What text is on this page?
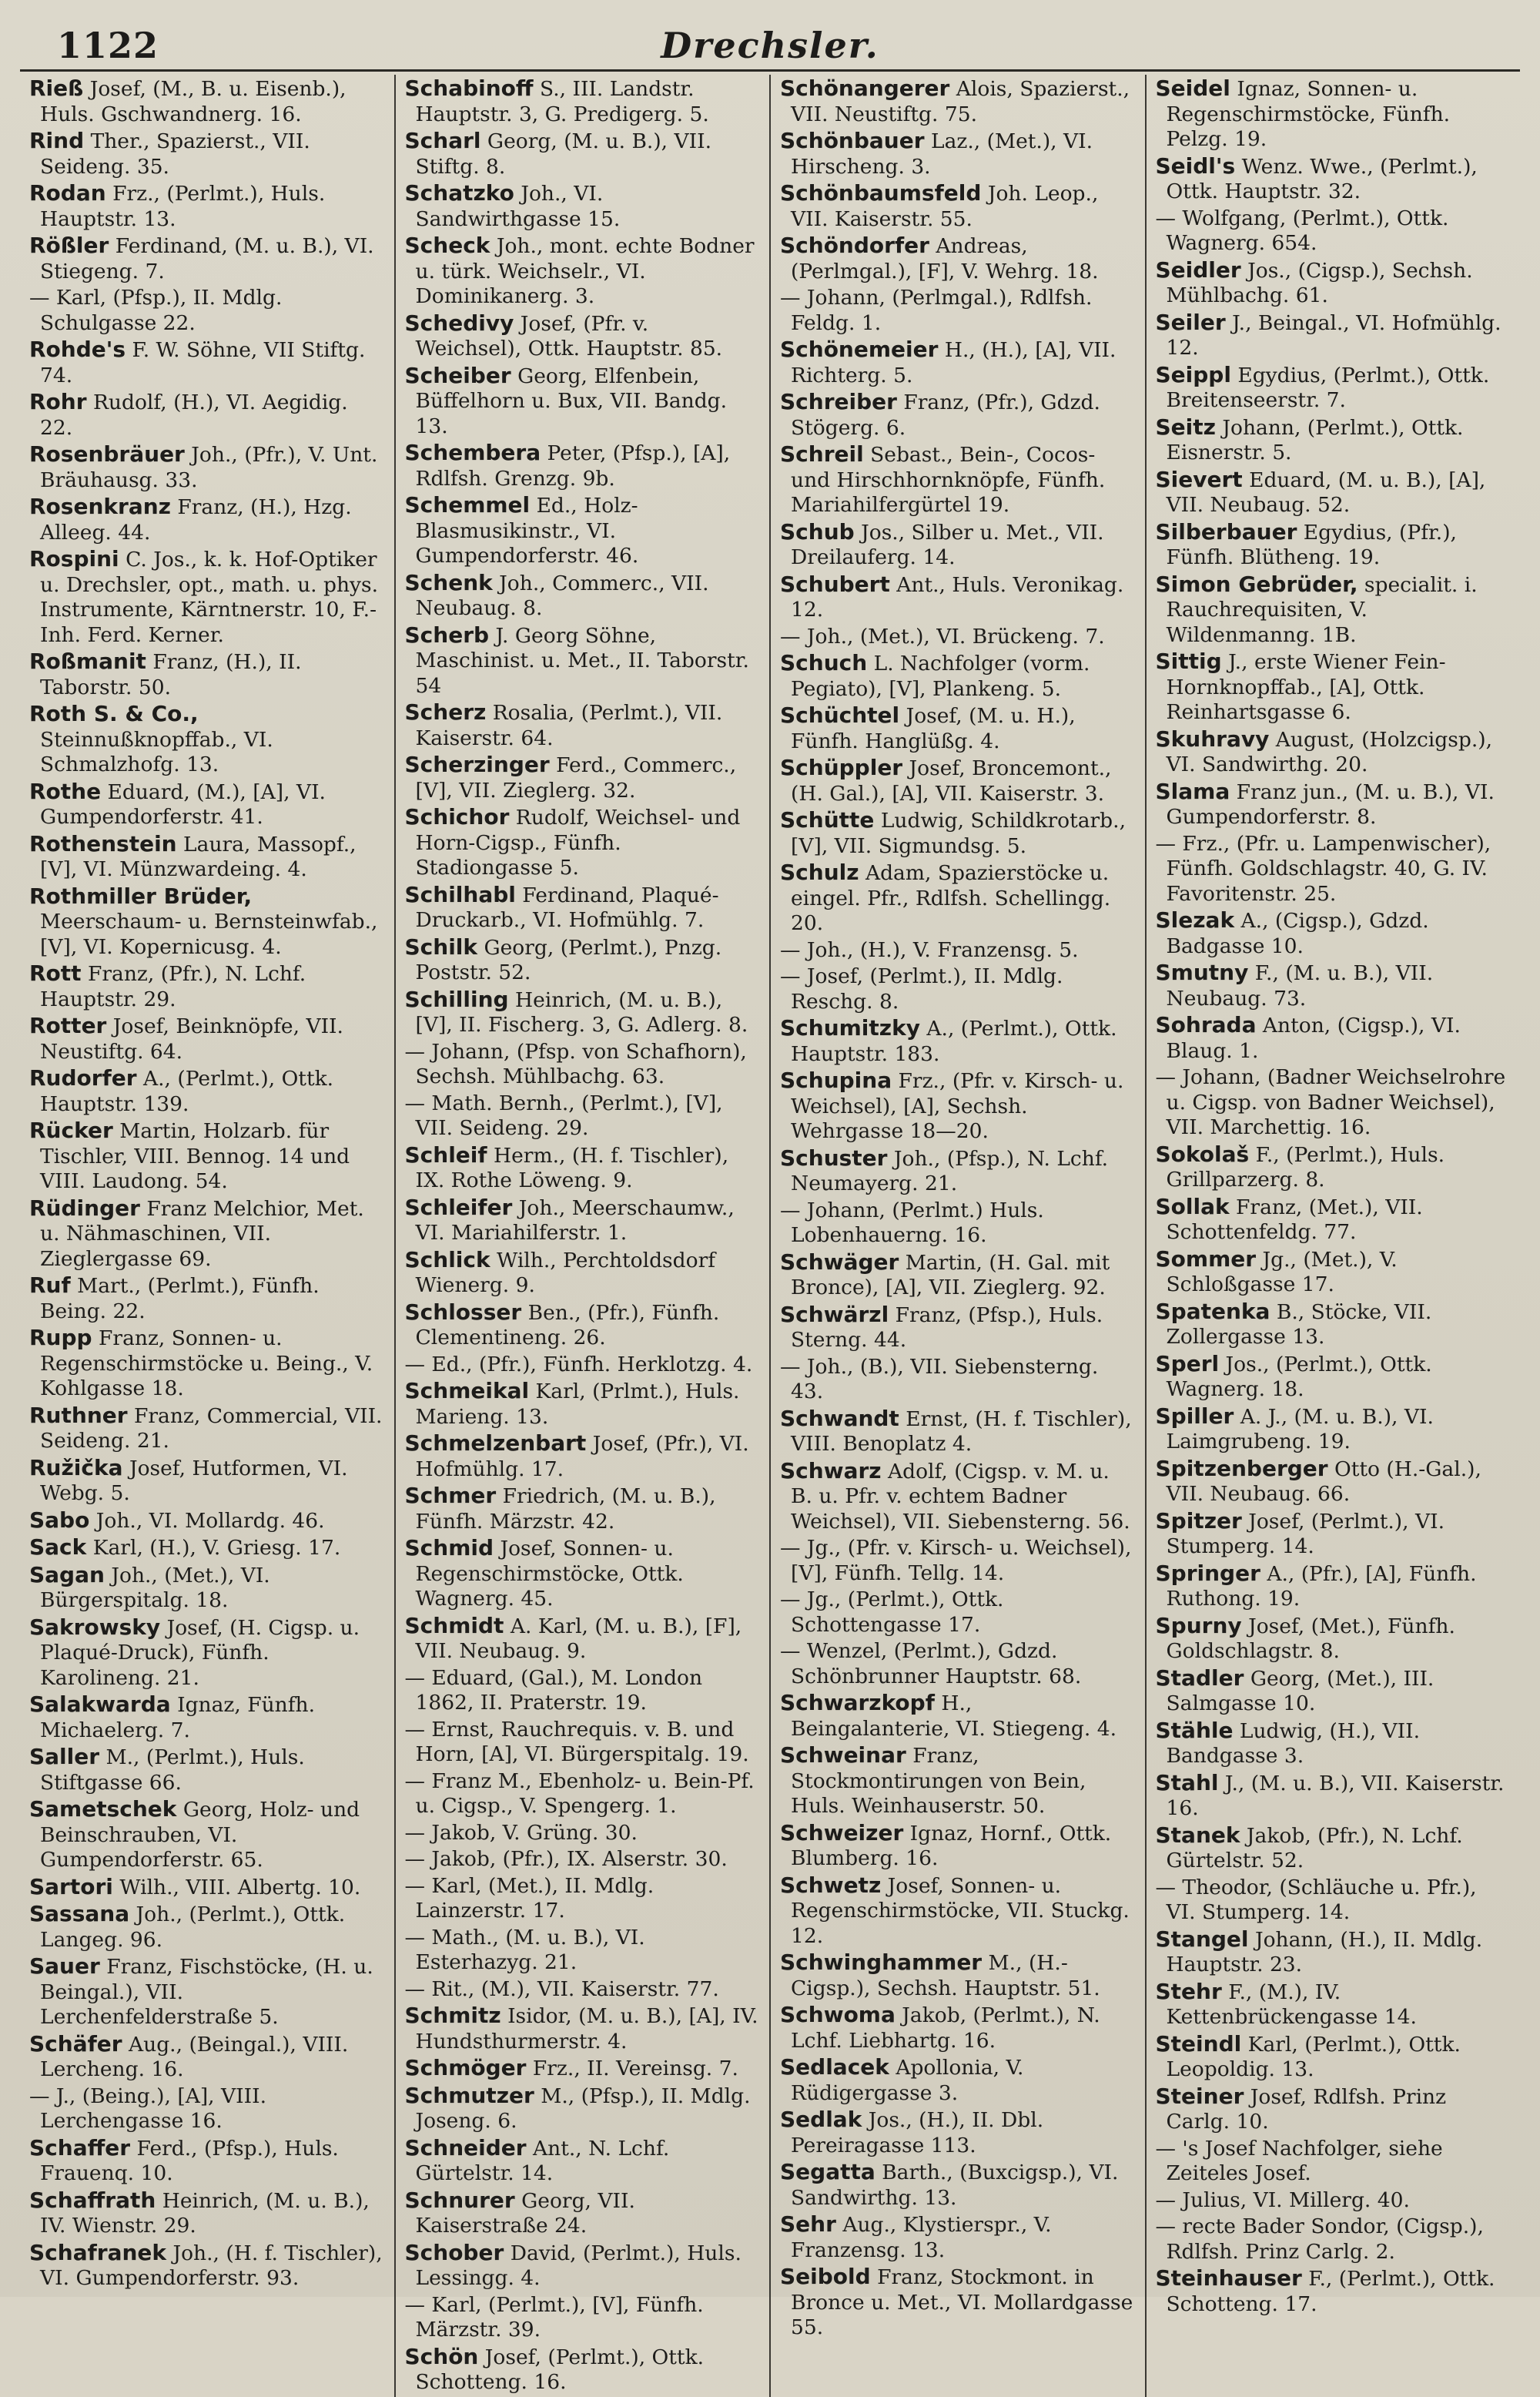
1122	Drechsler.

Rieß Josef, (M., B. u. Eisenb.), Huls. Gschwandnerg. 16.

Rind Ther., Spazierst., VII. Seideng. 35.

Rodan Frz., (Perlmt.), Huls. Hauptstr. 13.

Rößler Ferdinand, (M. u. B.), VI. Stiegeng. 7.

— Karl, (Pfsp.), II. Mdlg. Schulgasse 22.

Rohde's F. W. Söhne, VII Stiftg. 74.

Rohr Rudolf, (H.), VI. Aegidig. 22.

Rosenbräuer Joh., (Pfr.), V. Unt. Bräuhausg. 33.

Rosenkranz Franz, (H.), Hzg. Alleeg. 44.

Rospini C. Jos., k. k. Hof-Optiker u. Drechsler, opt., math. u. phys. Instrumente, Kärntnerstr. 10, F.-Inh. Ferd. Kerner.

Roßmanit Franz, (H.), II. Taborstr. 50.

Roth S. & Co., Steinnußknopffab., VI. Schmalzhofg. 13.

Rothe Eduard, (M.), [A], VI. Gumpendorferstr. 41.

Rothenstein Laura, Massopf., [V], VI. Münzwardeing. 4.

Rothmiller Brüder, Meerschaum- u. Bernsteinwfab., [V], VI. Kopernicusg. 4.

Rott Franz, (Pfr.), N. Lchf. Hauptstr. 29.

Rotter Josef, Beinknöpfe, VII. Neustiftg. 64.

Rudorfer A., (Perlmt.), Ottk. Hauptstr. 139.

Rücker Martin, Holzarb. für Tischler, VIII. Bennog. 14 und VIII. Laudong. 54.

Rüdinger Franz Melchior, Met. u. Nähmaschinen, VII. Zieglergasse 69.

Ruf Mart., (Perlmt.), Fünfh. Being. 22.

Rupp Franz, Sonnen- u. Regenschirmstöcke u. Being., V. Kohlgasse 18.

Ruthner Franz, Commercial, VII. Seideng. 21.

Ružička Josef, Hutformen, VI. Webg. 5.

Sabo Joh., VI. Mollardg. 46.

Sack Karl, (H.), V. Griesg. 17.

Sagan Joh., (Met.), VI. Bürgerspitalg. 18.

Sakrowsky Josef, (H. Cigsp. u. Plaqué-Druck), Fünfh. Karolineng. 21.

Salakwarda Ignaz, Fünfh. Michaelerg. 7.

Saller M., (Perlmt.), Huls. Stiftgasse 66.

Sametschek Georg, Holz- und Beinschrauben, VI. Gumpendorferstr. 65.

Sartori Wilh., VIII. Albertg. 10.

Sassana Joh., (Perlmt.), Ottk. Langeg. 96.

Sauer Franz, Fischstöcke, (H. u. Beingal.), VII. Lerchenfelderstraße 5.

Schäfer Aug., (Beingal.), VIII. Lercheng. 16.

— J., (Being.), [A], VIII. Lerchengasse 16.

Schaffer Ferd., (Pfsp.), Huls. Frauenq. 10.

Schaffrath Heinrich, (M. u. B.), IV. Wienstr. 29.

Schafranek Joh., (H. f. Tischler), VI. Gumpendorferstr. 93.

Schabinoff S., III. Landstr. Hauptstr. 3, G. Predigerg. 5.

Scharl Georg, (M. u. B.), VII. Stiftg. 8.

Schatzko Joh., VI. Sandwirthgasse 15.

Scheck Joh., mont. echte Bodner u. türk. Weichselr., VI. Dominikanerg. 3.

Schedivy Josef, (Pfr. v. Weichsel), Ottk. Hauptstr. 85.

Scheiber Georg, Elfenbein, Büffelhorn u. Bux, VII. Bandg. 13.

Schembera Peter, (Pfsp.), [A], Rdlfsh. Grenzg. 9b.

Schemmel Ed., Holz-Blasmusikinstr., VI. Gumpendorferstr. 46.

Schenk Joh., Commerc., VII. Neubaug. 8.

Scherb J. Georg Söhne, Maschinist. u. Met., II. Taborstr. 54

Scherz Rosalia, (Perlmt.), VII. Kaiserstr. 64.

Scherzinger Ferd., Commerc., [V], VII. Zieglerg. 32.

Schichor Rudolf, Weichsel- und Horn-Cigsp., Fünfh. Stadiongasse 5.

Schilhabl Ferdinand, Plaqué-Druckarb., VI. Hofmühlg. 7.

Schilk Georg, (Perlmt.), Pnzg. Poststr. 52.

Schilling Heinrich, (M. u. B.), [V], II. Fischerg. 3, G. Adlerg. 8.

— Johann, (Pfsp. von Schafhorn), Sechsh. Mühlbachg. 63.

— Math. Bernh., (Perlmt.), [V], VII. Seideng. 29.

Schleif Herm., (H. f. Tischler), IX. Rothe Löweng. 9.

Schleifer Joh., Meerschaumw., VI. Mariahilferstr. 1.

Schlick Wilh., Perchtoldsdorf Wienerg. 9.

Schlosser Ben., (Pfr.), Fünfh. Clementineng. 26.

— Ed., (Pfr.), Fünfh. Herklotzg. 4.

Schmeikal Karl, (Prlmt.), Huls. Marieng. 13.

Schmelzenbart Josef, (Pfr.), VI. Hofmühlg. 17.

Schmer Friedrich, (M. u. B.), Fünfh. Märzstr. 42.

Schmid Josef, Sonnen- u. Regenschirmstöcke, Ottk. Wagnerg. 45.

Schmidt A. Karl, (M. u. B.), [F], VII. Neubaug. 9.

— Eduard, (Gal.), M. London 1862, II. Praterstr. 19.

— Ernst, Rauchrequis. v. B. und Horn, [A], VI. Bürgerspitalg. 19.

— Franz M., Ebenholz- u. Bein-Pf. u. Cigsp., V. Spengerg. 1.

— Jakob, V. Grüng. 30.

— Jakob, (Pfr.), IX. Alserstr. 30.

— Karl, (Met.), II. Mdlg. Lainzerstr. 17.

— Math., (M. u. B.), VI. Esterhazyg. 21.

— Rit., (M.), VII. Kaiserstr. 77.

Schmitz Isidor, (M. u. B.), [A], IV. Hundsthurmerstr. 4.

Schmöger Frz., II. Vereinsg. 7.

Schmutzer M., (Pfsp.), II. Mdlg. Joseng. 6.

Schneider Ant., N. Lchf. Gürtelstr. 14.

Schnurer Georg, VII. Kaiserstraße 24.

Schober David, (Perlmt.), Huls. Lessingg. 4.

— Karl, (Perlmt.), [V], Fünfh. Märzstr. 39.

Schön Josef, (Perlmt.), Ottk. Schotteng. 16.

Schönangerer Alois, Spazierst., VII. Neustiftg. 75.

Schönbauer Laz., (Met.), VI. Hirscheng. 3.

Schönbaumsfeld Joh. Leop., VII. Kaiserstr. 55.

Schöndorfer Andreas, (Perlmgal.), [F], V. Wehrg. 18.

— Johann, (Perlmgal.), Rdlfsh. Feldg. 1.

Schönemeier H., (H.), [A], VII. Richterg. 5.

Schreiber Franz, (Pfr.), Gdzd. Stögerg. 6.

Schreil Sebast., Bein-, Cocos- und Hirschhornknöpfe, Fünfh. Mariahilfergürtel 19.

Schub Jos., Silber u. Met., VII. Dreilauferg. 14.

Schubert Ant., Huls. Veronikag. 12.

— Joh., (Met.), VI. Brückeng. 7.

Schuch L. Nachfolger (vorm. Pegiato), [V], Plankeng. 5.

Schüchtel Josef, (M. u. H.), Fünfh. Hanglüßg. 4.

Schüppler Josef, Broncemont., (H. Gal.), [A], VII. Kaiserstr. 3.

Schütte Ludwig, Schildkrotarb., [V], VII. Sigmundsg. 5.

Schulz Adam, Spazierstöcke u. eingel. Pfr., Rdlfsh. Schellingg. 20.

— Joh., (H.), V. Franzensg. 5.

— Josef, (Perlmt.), II. Mdlg. Reschg. 8.

Schumitzky A., (Perlmt.), Ottk. Hauptstr. 183.

Schupina Frz., (Pfr. v. Kirsch- u. Weichsel), [A], Sechsh. Wehrgasse 18—20.

Schuster Joh., (Pfsp.), N. Lchf. Neumayerg. 21.

— Johann, (Perlmt.) Huls. Lobenhauerng. 16.

Schwäger Martin, (H. Gal. mit Bronce), [A], VII. Zieglerg. 92.

Schwärzl Franz, (Pfsp.), Huls. Sterng. 44.

— Joh., (B.), VII. Siebensterng. 43.

Schwandt Ernst, (H. f. Tischler), VIII. Benoplatz 4.

Schwarz Adolf, (Cigsp. v. M. u. B. u. Pfr. v. echtem Badner Weichsel), VII. Siebensterng. 56.

— Jg., (Pfr. v. Kirsch- u. Weichsel), [V], Fünfh. Tellg. 14.

— Jg., (Perlmt.), Ottk. Schottengasse 17.

— Wenzel, (Perlmt.), Gdzd. Schönbrunner Hauptstr. 68.

Schwarzkopf H., Beingalanterie, VI. Stiegeng. 4.

Schweinar Franz, Stockmontirungen von Bein, Huls. Weinhauserstr. 50.

Schweizer Ignaz, Hornf., Ottk. Blumberg. 16.

Schwetz Josef, Sonnen- u. Regenschirmstöcke, VII. Stuckg. 12.

Schwinghammer M., (H.-Cigsp.), Sechsh. Hauptstr. 51.

Schwoma Jakob, (Perlmt.), N. Lchf. Liebhartg. 16.

Sedlacek Apollonia, V. Rüdigergasse 3.

Sedlak Jos., (H.), II. Dbl. Pereiragasse 113.

Segatta Barth., (Buxcigsp.), VI. Sandwirthg. 13.

Sehr Aug., Klystierspr., V. Franzensg. 13.

Seibold Franz, Stockmont. in Bronce u. Met., VI. Mollardgasse 55.

Seidel Ignaz, Sonnen- u. Regenschirmstöcke, Fünfh. Pelzg. 19.

Seidl's Wenz. Wwe., (Perlmt.), Ottk. Hauptstr. 32.

— Wolfgang, (Perlmt.), Ottk. Wagnerg. 654.

Seidler Jos., (Cigsp.), Sechsh. Mühlbachg. 61.

Seiler J., Beingal., VI. Hofmühlg. 12.

Seippl Egydius, (Perlmt.), Ottk. Breitenseerstr. 7.

Seitz Johann, (Perlmt.), Ottk. Eisnerstr. 5.

Sievert Eduard, (M. u. B.), [A], VII. Neubaug. 52.

Silberbauer Egydius, (Pfr.), Fünfh. Blütheng. 19.

Simon Gebrüder, specialit. i. Rauchrequisiten, V. Wildenmanng. 1B.

Sittig J., erste Wiener Fein-Hornknopffab., [A], Ottk. Reinhartsgasse 6.

Skuhravy August, (Holzcigsp.), VI. Sandwirthg. 20.

Slama Franz jun., (M. u. B.), VI. Gumpendorferstr. 8.

— Frz., (Pfr. u. Lampenwischer), Fünfh. Goldschlagstr. 40, G. IV. Favoritenstr. 25.

Slezak A., (Cigsp.), Gdzd. Badgasse 10.

Smutny F., (M. u. B.), VII. Neubaug. 73.

Sohrada Anton, (Cigsp.), VI. Blaug. 1.

— Johann, (Badner Weichselrohre u. Cigsp. von Badner Weichsel), VII. Marchettig. 16.

Sokolaš F., (Perlmt.), Huls. Grillparzerg. 8.

Sollak Franz, (Met.), VII. Schottenfeldg. 77.

Sommer Jg., (Met.), V. Schloßgasse 17.

Spatenka B., Stöcke, VII. Zollergasse 13.

Sperl Jos., (Perlmt.), Ottk. Wagnerg. 18.

Spiller A. J., (M. u. B.), VI. Laimgrubeng. 19.

Spitzenberger Otto (H.-Gal.), VII. Neubaug. 66.

Spitzer Josef, (Perlmt.), VI. Stumperg. 14.

Springer A., (Pfr.), [A], Fünfh. Ruthong. 19.

Spurny Josef, (Met.), Fünfh. Goldschlagstr. 8.

Stadler Georg, (Met.), III. Salmgasse 10.

Stähle Ludwig, (H.), VII. Bandgasse 3.

Stahl J., (M. u. B.), VII. Kaiserstr. 16.

Stanek Jakob, (Pfr.), N. Lchf. Gürtelstr. 52.

— Theodor, (Schläuche u. Pfr.), VI. Stumperg. 14.

Stangel Johann, (H.), II. Mdlg. Hauptstr. 23.

Stehr F., (M.), IV. Kettenbrückengasse 14.

Steindl Karl, (Perlmt.), Ottk. Leopoldig. 13.

Steiner Josef, Rdlfsh. Prinz Carlg. 10.

— 's Josef Nachfolger, siehe Zeiteles Josef.

— Julius, VI. Millerg. 40.

— recte Bader Sondor, (Cigsp.), Rdlfsh. Prinz Carlg. 2.

Steinhauser F., (Perlmt.), Ottk. Schotteng. 17.
